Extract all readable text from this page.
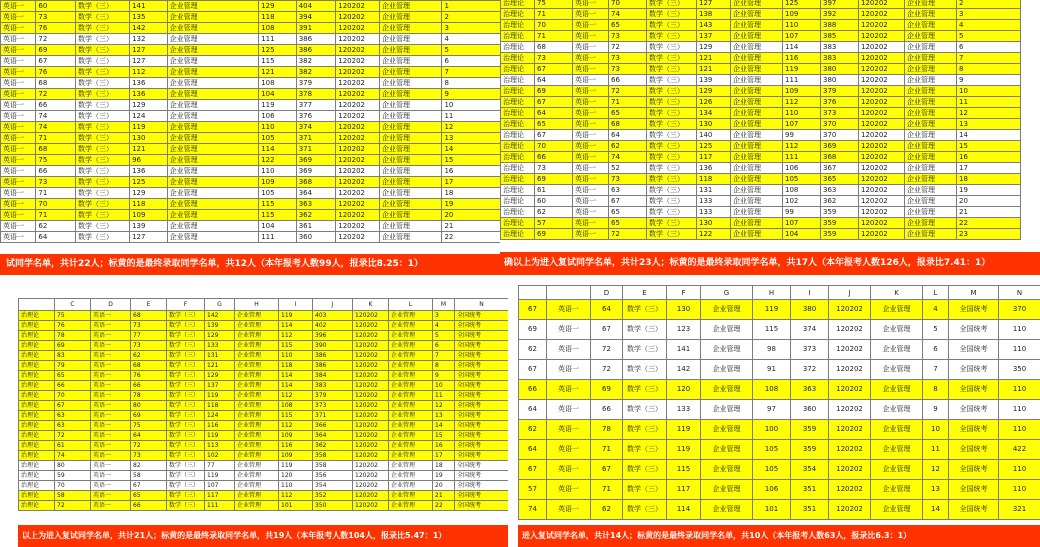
英语一	60	数学（三）	141	企业管理	129	404	120202	企业管理	1
英语一	73	数学（三）	135	企业管理	118	394	120202	企业管理	2
英语一	76	数学（三）	142	企业管理	108	391	120202	企业管理	3
英语一	72	数学（三）	132	企业管理	111	386	120202	企业管理	4
英语一	69	数学（三）	127	企业管理	125	386	120202	企业管理	5
英语一	67	数学（三）	127	企业管理	115	382	120202	企业管理	6
英语一	76	数学（三）	112	企业管理	121	382	120202	企业管理	7
英语一	68	数学（三）	136	企业管理	108	379	120202	企业管理	8
英语一	72	数学（三）	136	企业管理	104	378	120202	企业管理	9
英语一	66	数学（三）	129	企业管理	119	377	120202	企业管理	10
英语一	74	数学（三）	124	企业管理	106	376	120202	企业管理	11
英语一	74	数学（三）	119	企业管理	110	374	120202	企业管理	12
英语一	71	数学（三）	130	企业管理	105	371	120202	企业管理	13
英语一	68	数学（三）	121	企业管理	114	371	120202	企业管理	14
英语一	75	数学（三）	96	企业管理	122	369	120202	企业管理	15
英语一	66	数学（三）	136	企业管理	110	369	120202	企业管理	16
英语一	73	数学（三）	125	企业管理	109	368	120202	企业管理	17
英语一	71	数学（三）	129	企业管理	105	364	120202	企业管理	18
英语一	70	数学（三）	118	企业管理	115	363	120202	企业管理	19
英语一	71	数学（三）	109	企业管理	115	362	120202	企业管理	20
英语一	62	数学（三）	139	企业管理	104	361	120202	企业管理	21
英语一	64	数学（三）	127	企业管理	111	360	120202	企业管理	22
试同学名单，共计22人；标黄的是最终录取同学名单，共12人（本年报考人数99人，报录比8.25：1）
治理论	75	英语一	70	数学（三）	127	企业管理	125	397	120202	企业管理	2
治理论	71	英语一	74	数学（三）	138	企业管理	109	392	120202	企业管理	3
治理论	70	英语一	65	数学（三）	143	企业管理	110	388	120202	企业管理	4
治理论	71	英语一	73	数学（三）	137	企业管理	107	385	120202	企业管理	5
治理论	68	英语一	72	数学（三）	129	企业管理	114	383	120202	企业管理	6
治理论	73	英语一	73	数学（三）	121	企业管理	116	383	120202	企业管理	7
治理论	67	英语一	73	数学（三）	121	企业管理	119	380	120202	企业管理	8
治理论	64	英语一	66	数学（三）	139	企业管理	111	380	120202	企业管理	9
治理论	69	英语一	72	数学（三）	129	企业管理	109	379	120202	企业管理	10
治理论	67	英语一	71	数学（三）	126	企业管理	112	376	120202	企业管理	11
治理论	64	英语一	65	数学（三）	134	企业管理	110	373	120202	企业管理	12
治理论	65	英语一	68	数学（三）	130	企业管理	107	370	120202	企业管理	13
治理论	67	英语一	64	数学（三）	140	企业管理	99	370	120202	企业管理	14
治理论	70	英语一	62	数学（三）	125	企业管理	112	369	120202	企业管理	15
治理论	66	英语一	74	数学（三）	117	企业管理	111	368	120202	企业管理	16
治理论	73	英语一	52	数学（三）	136	企业管理	106	367	120202	企业管理	17
治理论	69	英语一	73	数学（三）	118	企业管理	105	365	120202	企业管理	18
治理论	61	英语一	63	数学（三）	131	企业管理	108	363	120202	企业管理	19
治理论	60	英语一	67	数学（三）	133	企业管理	102	362	120202	企业管理	20
治理论	62	英语一	65	数学（三）	133	企业管理	99	359	120202	企业管理	21
治理论	57	英语一	65	数学（三）	130	企业管理	107	359	120202	企业管理	22
治理论	69	英语一	72	数学（三）	122	企业管理	104	359	120202	企业管理	23
确以上为进入复试同学名单，共计23人；标黄的是最终录取同学名单，共17人（本年报考人数126人，报录比7.41：1）
	C	D	E	F	G	H	I	J	K	L	M	N
治理论	75	英语一	68	数学（三）	142	企业管理	119	403	120202	企业管理	3	全国统考
治理论	76	英语一	73	数学（三）	139	企业管理	114	402	120202	企业管理	4	全国统考
治理论	78	英语一	77	数学（三）	129	企业管理	112	396	120202	企业管理	5	全国统考
治理论	69	英语一	73	数学（三）	133	企业管理	115	390	120202	企业管理	6	全国统考
治理论	83	英语一	62	数学（三）	131	企业管理	110	386	120202	企业管理	7	全国统考
治理论	79	英语一	68	数学（三）	121	企业管理	118	386	120202	企业管理	8	全国统考
治理论	65	英语一	76	数学（三）	129	企业管理	114	384	120202	企业管理	9	全国统考
治理论	66	英语一	66	数学（三）	137	企业管理	114	383	120202	企业管理	10	全国统考
治理论	70	英语一	78	数学（三）	119	企业管理	112	379	120202	企业管理	11	全国统考
治理论	67	英语一	80	数学（三）	118	企业管理	108	373	120202	企业管理	12	全国统考
治理论	63	英语一	69	数学（三）	124	企业管理	115	371	120202	企业管理	13	全国统考
治理论	63	英语一	75	数学（三）	116	企业管理	112	366	120202	企业管理	14	全国统考
治理论	72	英语一	64	数学（三）	119	企业管理	109	364	120202	企业管理	15	全国统考
治理论	61	英语一	72	数学（三）	113	企业管理	116	362	120202	企业管理	16	全国统考
治理论	74	英语一	73	数学（三）	102	企业管理	109	358	120202	企业管理	17	全国统考
治理论	80	英语一	82	数学（三）	77	企业管理	119	358	120202	企业管理	18	全国统考
治理论	59	英语一	58	数学（三）	119	企业管理	120	356	120202	企业管理	19	全国统考
治理论	70	英语一	67	数学（三）	107	企业管理	110	354	120202	企业管理	20	全国统考
治理论	58	英语一	65	数学（三）	117	企业管理	112	352	120202	企业管理	21	全国统考
治理论	72	英语一	66	数学（三）	111	企业管理	101	350	120202	企业管理	22	全国统考
以上为进入复试同学名单，共计21人；标黄的是最终录取同学名单，共19人（本年报考人数104人，报录比5.47：1）
		D	E	F	G	H	I	J	K	L	M	N
67	英语一	64	数学（三）	130	企业管理	119	380	120202	企业管理	4	全国统考	370
69	英语一	67	数学（三）	123	企业管理	115	374	120202	企业管理	5	全国统考	110
62	英语一	72	数学（三）	141	企业管理	98	373	120202	企业管理	6	全国统考	110
67	英语一	72	数学（三）	142	企业管理	91	372	120202	企业管理	7	全国统考	350
66	英语一	69	数学（三）	120	企业管理	108	363	120202	企业管理	8	全国统考	110
64	英语一	66	数学（三）	133	企业管理	97	360	120202	企业管理	9	全国统考	110
62	英语一	78	数学（三）	119	企业管理	100	359	120202	企业管理	10	全国统考	110
64	英语一	71	数学（三）	119	企业管理	105	359	120202	企业管理	11	全国统考	422
67	英语一	67	数学（三）	115	企业管理	105	354	120202	企业管理	12	全国统考	110
57	英语一	71	数学（三）	117	企业管理	106	351	120202	企业管理	13	全国统考	110
74	英语一	62	数学（三）	114	企业管理	101	351	120202	企业管理	14	全国统考	321
进入复试同学名单，共计14人；标黄的是最终录取同学名单，共10人（本年报考人数63人，报录比6.3：1）
